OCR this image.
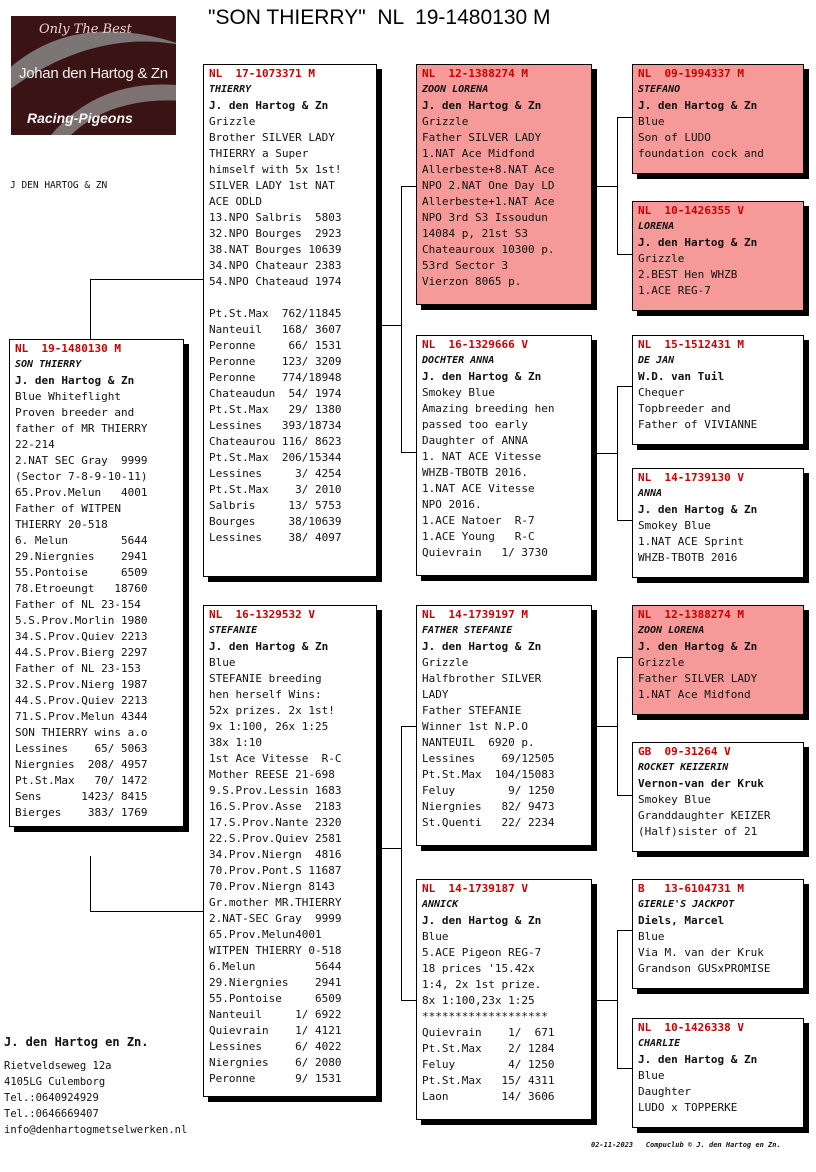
"SON THIERRY"  NL  19-1480130 M
Only The Best
Johan den Hartog & Zn
Racing-Pigeons
J DEN HARTOG & ZN
NL  19-1480130 M
SON THIERRY
J. den Hartog & Zn
Blue Whiteflight
Proven breeder and
father of MR THIERRY
22-214
2.NAT SEC Gray  9999
(Sector 7-8-9-10-11)
65.Prov.Melun   4001
Father of WITPEN
THIERRY 20-518
6. Melun        5644
29.Niergnies    2941
55.Pontoise     6509
78.Etroeungt   18760
Father of NL 23-154
5.S.Prov.Morlin 1980
34.S.Prov.Quiev 2213
44.S.Prov.Bierg 2297
Father of NL 23-153
32.S.Prov.Nierg 1987
44.S.Prov.Quiev 2213
71.S.Prov.Melun 4344
SON THIERRY wins a.o
Lessines    65/ 5063
Niergnies  208/ 4957
Pt.St.Max   70/ 1472
Sens      1423/ 8415
Bierges    383/ 1769
NL  17-1073371 M
THIERRY
J. den Hartog & Zn
Grizzle
Brother SILVER LADY
THIERRY a Super
himself with 5x 1st!
SILVER LADY 1st NAT
ACE ODLD
13.NPO Salbris  5803
32.NPO Bourges  2923
38.NAT Bourges 10639
34.NPO Chateaur 2383
54.NPO Chateaud 1974

Pt.St.Max  762/11845
Nanteuil   168/ 3607
Peronne     66/ 1531
Peronne    123/ 3209
Peronne    774/18948
Chateaudun  54/ 1974
Pt.St.Max   29/ 1380
Lessines   393/18734
Chateaurou 116/ 8623
Pt.St.Max  206/15344
Lessines     3/ 4254
Pt.St.Max    3/ 2010
Salbris     13/ 5753
Bourges     38/10639
Lessines    38/ 4097
NL  16-1329532 V
STEFANIE
J. den Hartog & Zn
Blue
STEFANIE breeding
hen herself Wins:
52x prizes. 2x 1st!
9x 1:100, 26x 1:25
38x 1:10
1st Ace Vitesse  R-C
Mother REESE 21-698
9.S.Prov.Lessin 1683
16.S.Prov.Asse  2183
17.S.Prov.Nante 2320
22.S.Prov.Quiev 2581
34.Prov.Niergn  4816
70.Prov.Pont.S 11687
70.Prov.Niergn 8143
Gr.mother MR.THIERRY
2.NAT-SEC Gray  9999
65.Prov.Melun4001
WITPEN THIERRY 0-518
6.Melun         5644
29.Niergnies    2941
55.Pontoise     6509
Nanteuil     1/ 6922
Quievrain    1/ 4121
Lessines     6/ 4022
Niergnies    6/ 2080
Peronne      9/ 1531
NL  12-1388274 M
ZOON LORENA
J. den Hartog & Zn
Grizzle
Father SILVER LADY
1.NAT Ace Midfond
Allerbeste+8.NAT Ace
NPO 2.NAT One Day LD
Allerbeste+1.NAT Ace
NPO 3rd S3 Issoudun
14084 p, 21st S3
Chateauroux 10300 p.
53rd Sector 3
Vierzon 8065 p.
NL  16-1329666 V
DOCHTER ANNA
J. den Hartog & Zn
Smokey Blue
Amazing breeding hen
passed too early
Daughter of ANNA
1. NAT ACE Vitesse
WHZB-TBOTB 2016.
1.NAT ACE Vitesse
NPO 2016.
1.ACE Natoer  R-7
1.ACE Young   R-C
Quievrain   1/ 3730
NL  14-1739197 M
FATHER STEFANIE
J. den Hartog & Zn
Grizzle
Halfbrother SILVER
LADY
Father STEFANIE
Winner 1st N.P.O
NANTEUIL  6920 p.
Lessines    69/12505
Pt.St.Max  104/15083
Feluy        9/ 1250
Niergnies   82/ 9473
St.Quenti   22/ 2234
NL  14-1739187 V
ANNICK
J. den Hartog & Zn
Blue
5.ACE Pigeon REG-7
18 prices '15.42x
1:4, 2x 1st prize.
8x 1:100,23x 1:25
*******************
Quievrain    1/  671
Pt.St.Max    2/ 1284
Feluy        4/ 1250
Pt.St.Max   15/ 4311
Laon        14/ 3606
NL  09-1994337 M
STEFANO
J. den Hartog & Zn
Blue
Son of LUDO
foundation cock and
NL  10-1426355 V
LORENA
J. den Hartog & Zn
Grizzle
2.BEST Hen WHZB
1.ACE REG-7
NL  15-1512431 M
DE JAN
W.D. van Tuil
Chequer
Topbreeder and
Father of VIVIANNE
NL  14-1739130 V
ANNA
J. den Hartog & Zn
Smokey Blue
1.NAT ACE Sprint
WHZB-TBOTB 2016
NL  12-1388274 M
ZOON LORENA
J. den Hartog & Zn
Grizzle
Father SILVER LADY
1.NAT Ace Midfond
GB  09-31264 V
ROCKET KEIZERIN
Vernon-van der Kruk
Smokey Blue
Granddaughter KEIZER
(Half)sister of 21
B   13-6104731 M
GIERLE'S JACKPOT
Diels, Marcel
Blue
Via M. van der Kruk
Grandson GUSxPROMISE
NL  10-1426338 V
CHARLIE
J. den Hartog & Zn
Blue
Daughter
LUDO x TOPPERKE
J. den Hartog en Zn.
Rietveldseweg 12a
4105LG Culemborg
Tel.:0640924929
Tel.:0646669407
info@denhartogmetselwerken.nl
02-11-2023   Compuclub © J. den Hartog en Zn.
